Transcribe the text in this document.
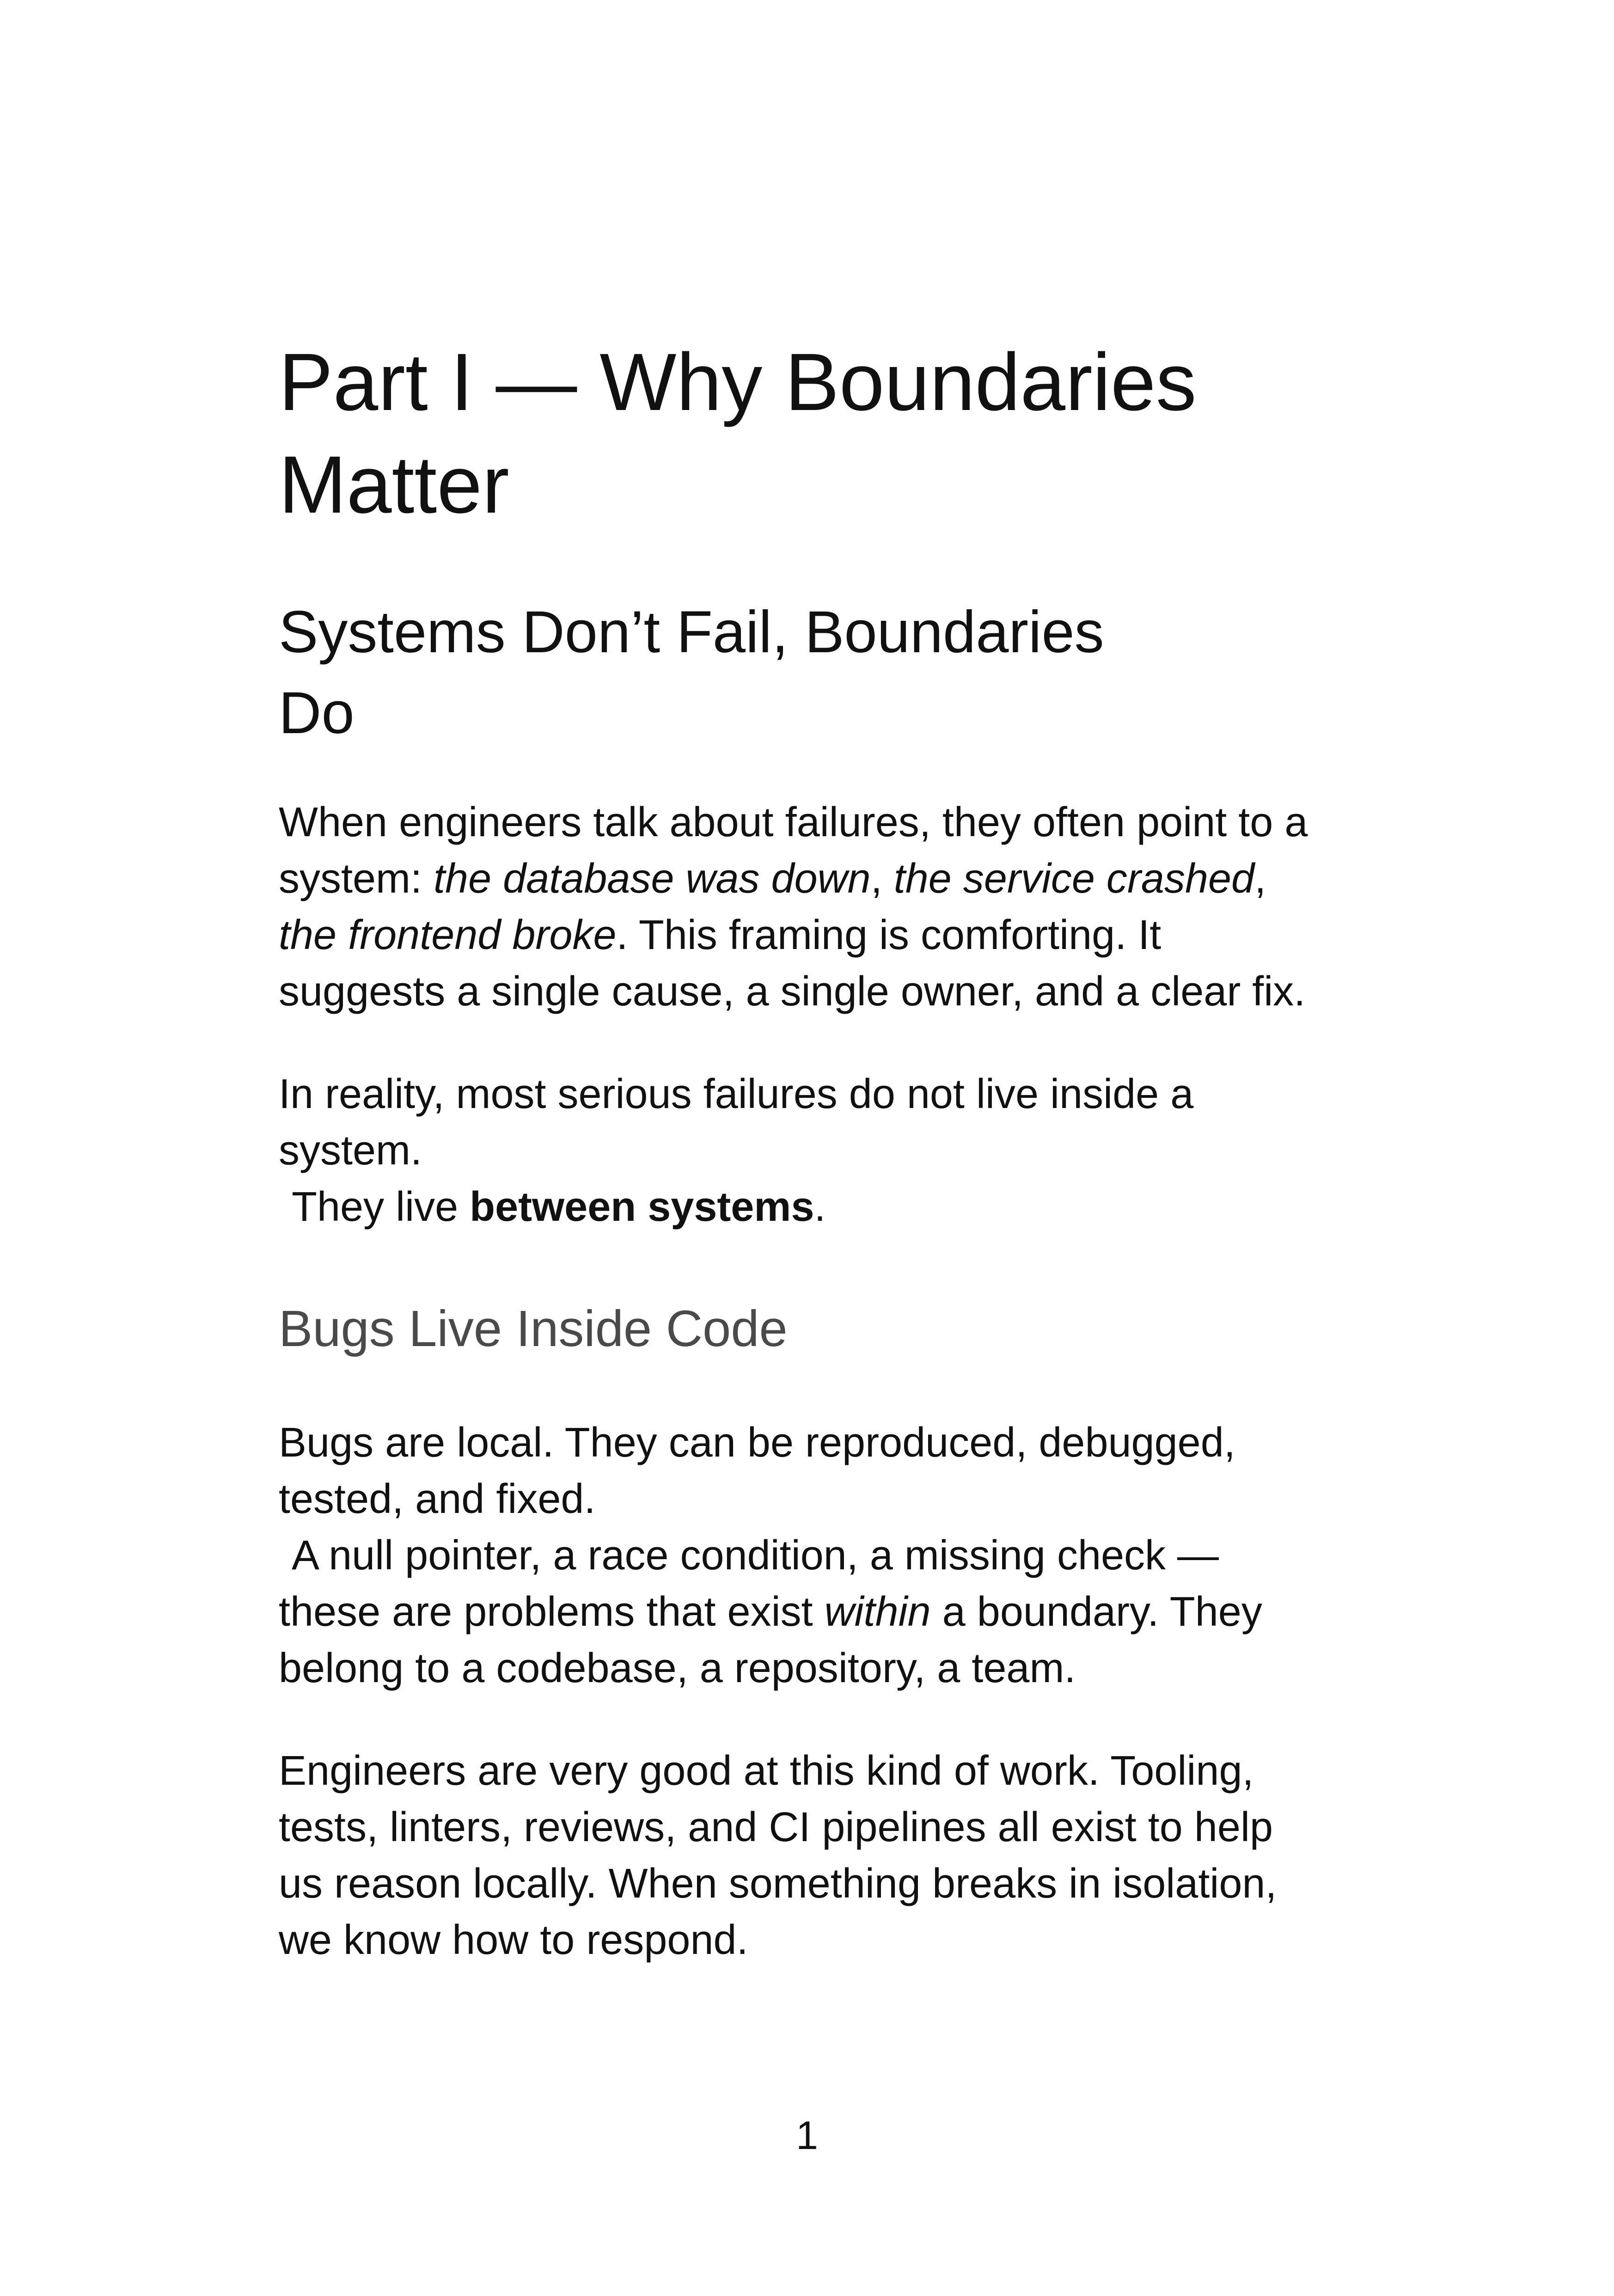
Part I — Why Boundaries
Matter
Systems Don’t Fail, Boundaries
Do

When engineers talk about failures, they often point to a
system: the database was down, the service crashed,
the frontend broke. This framing is comforting. It
suggests a single cause, a single owner, and a clear fix.

In reality, most serious failures do not live inside a
system.
They live between systems.

Bugs Live Inside Code

Bugs are local. They can be reproduced, debugged,
tested, and fixed.
A null pointer, a race condition, a missing check —
these are problems that exist within a boundary. They
belong to a codebase, a repository, a team.

Engineers are very good at this kind of work. Tooling,
tests, linters, reviews, and CI pipelines all exist to help
us reason locally. When something breaks in isolation,
we know how to respond.

1
